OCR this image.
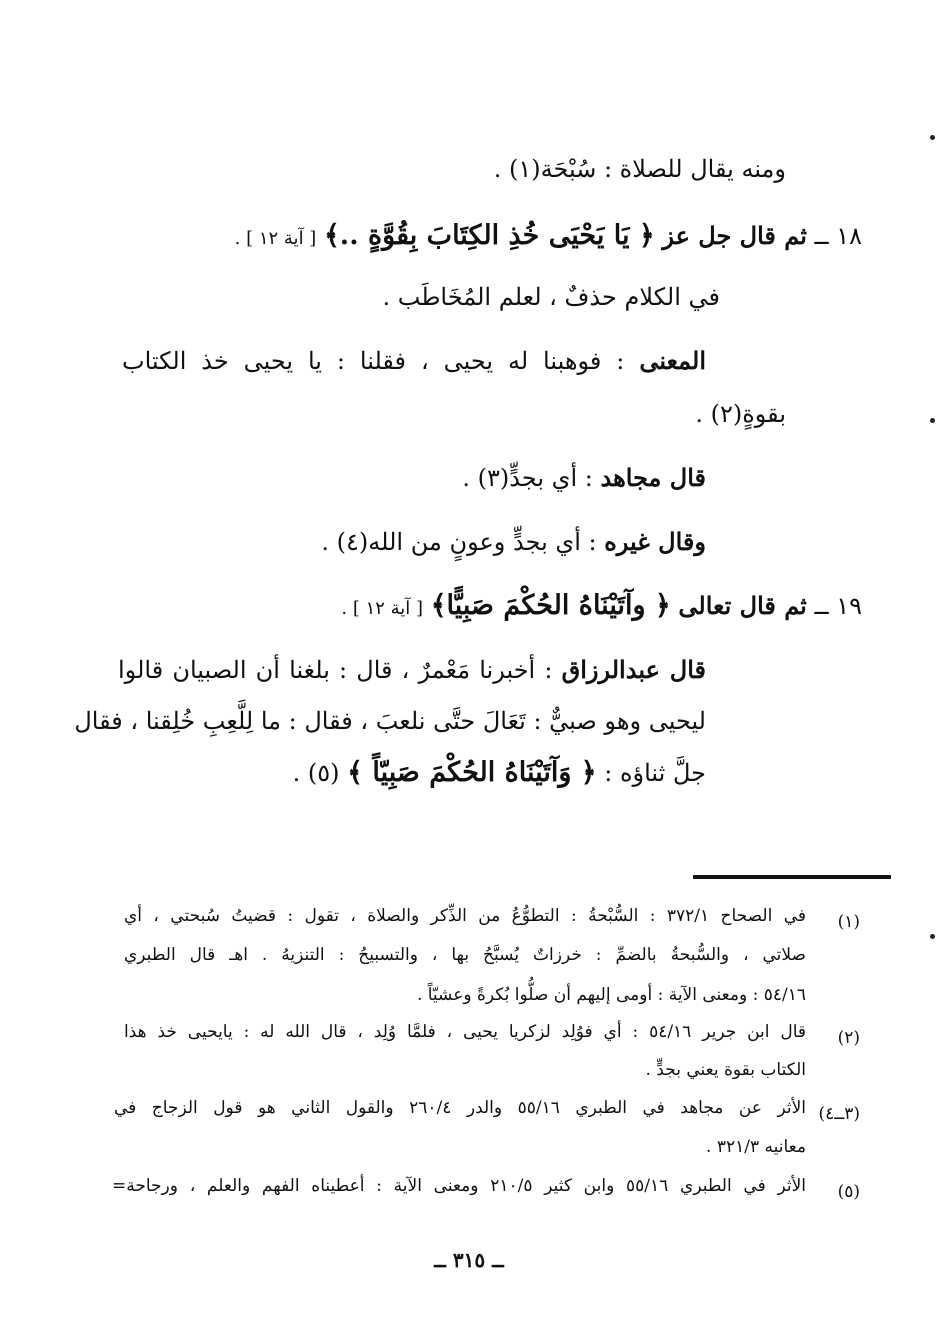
ومنه يقال للصلاة : سُبْحَة(١) .
١٨ ــ ثم قال جل عز ﴿ يَا يَحْيَى خُذِ الكِتَابَ بِقُوَّةٍ ..﴾ [ آية ١٢ ] .
في الكلام حذفٌ ، لعلم المُخَاطَب .
المعنى : فوهبنا له يحيى ، فقلنا : يا يحيى خذ الكتاب
بقوةٍ(٢) .
قال مجاهد : أي بجدٍّ(٣) .
وقال غيره : أي بجدٍّ وعونٍ من الله(٤) .
١٩ ــ ثم قال تعالى ﴿ وآتَيْنَاهُ الحُكْمَ صَبِيًّا﴾ [ آية ١٢ ] .
قال عبدالرزاق : أخبرنا مَعْمرٌ ، قال : بلغنا أن الصبيان قالوا
ليحيى وهو صبيٌّ : تَعَالَ حتَّى نلعبَ ، فقال : ما لِلَّعِبِ خُلِقنا ، فقال
جلَّ ثناؤه : ﴿ وَآتَيْنَاهُ الحُكْمَ صَبِيّاً ﴾ (٥) .
(١)
في الصحاح ٣٧٢/١ : السُّبْحةُ : التطوُّعُ من الذِّكر والصلاة ، تقول : قضيتُ سُبحتي ، أي
صلاتي ، والسُّبحةُ بالضمِّ : خرزاتٌ يُسبَّحُ بها ، والتسبيحُ : التنزيهُ . اهـ قال الطبري
٥٤/١٦ : ومعنى الآية : أومى إليهم أن صلُّوا بُكرةً وعشيّاً .
(٢)
قال ابن جرير ٥٤/١٦ : أي فوُلِد لزكريا يحيى ، فلمَّا وُلِد ، قال الله له : يايحيى خذ هذا
الكتاب بقوة يعني بجدٍّ .
(٣ــ٤)
الأثر عن مجاهد في الطبري ٥٥/١٦ والدر ٢٦٠/٤ والقول الثاني هو قول الزجاج في
معانيه ٣٢١/٣ .
(٥)
الأثر في الطبري ٥٥/١٦ وابن كثير ٢١٠/٥ ومعنى الآية : أعطيناه الفهم والعلم ، ورجاحة=
ــ ٣١٥ ــ
